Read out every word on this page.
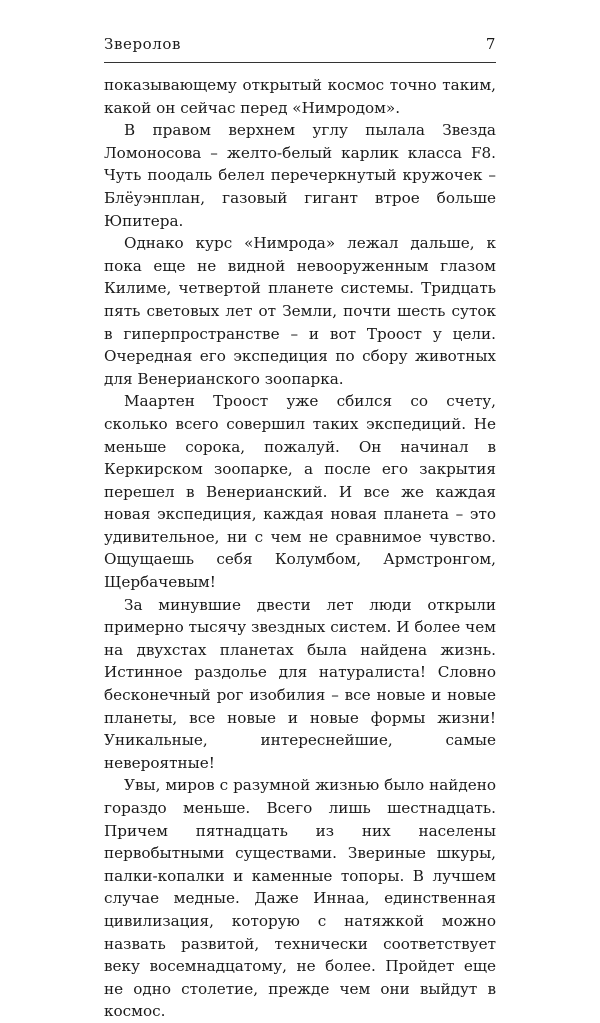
Зверолов	7

показывающему открытый космос точно таким, какой он сейчас перед «Нимродом».

В правом верхнем углу пылала Звезда Ломоносова – желто-белый карлик класса F8. Чуть поодаль белел перечеркнутый кружочек – Блёуэнплан, газовый гигант втрое больше Юпитера.

Однако курс «Нимрода» лежал дальше, к пока еще не видной невооруженным глазом Килиме, четвертой планете системы. Тридцать пять световых лет от Земли, почти шесть суток в гиперпространстве – и вот Троост у цели. Очередная его экспедиция по сбору животных для Венерианского зоопарка.

Маартен Троост уже сбился со счету, сколько всего совершил таких экспедиций. Не меньше сорока, пожалуй. Он начинал в Керкирском зоопарке, а после его закрытия перешел в Венерианский. И все же каждая новая экспедиция, каждая новая планета – это удивительное, ни с чем не сравнимое чувство. Ощущаешь себя Колумбом, Армстронгом, Щербачевым!

За минувшие двести лет люди открыли примерно тысячу звездных систем. И более чем на двухстах планетах была найдена жизнь. Истинное раздолье для натуралиста! Словно бесконечный рог изобилия – все новые и новые планеты, все новые и новые формы жизни! Уникальные, интереснейшие, самые невероятные!

Увы, миров с разумной жизнью было найдено гораздо меньше. Всего лишь шестнадцать. Причем пятнадцать из них населены первобытными существами. Звериные шкуры, палки-копалки и каменные топоры. В лучшем случае медные. Даже Иннаа, единственная цивилизация, которую с натяжкой можно назвать развитой, технически соответствует веку восемнадцатому, не более. Пройдет еще не одно столетие, прежде чем они выйдут в космос.
